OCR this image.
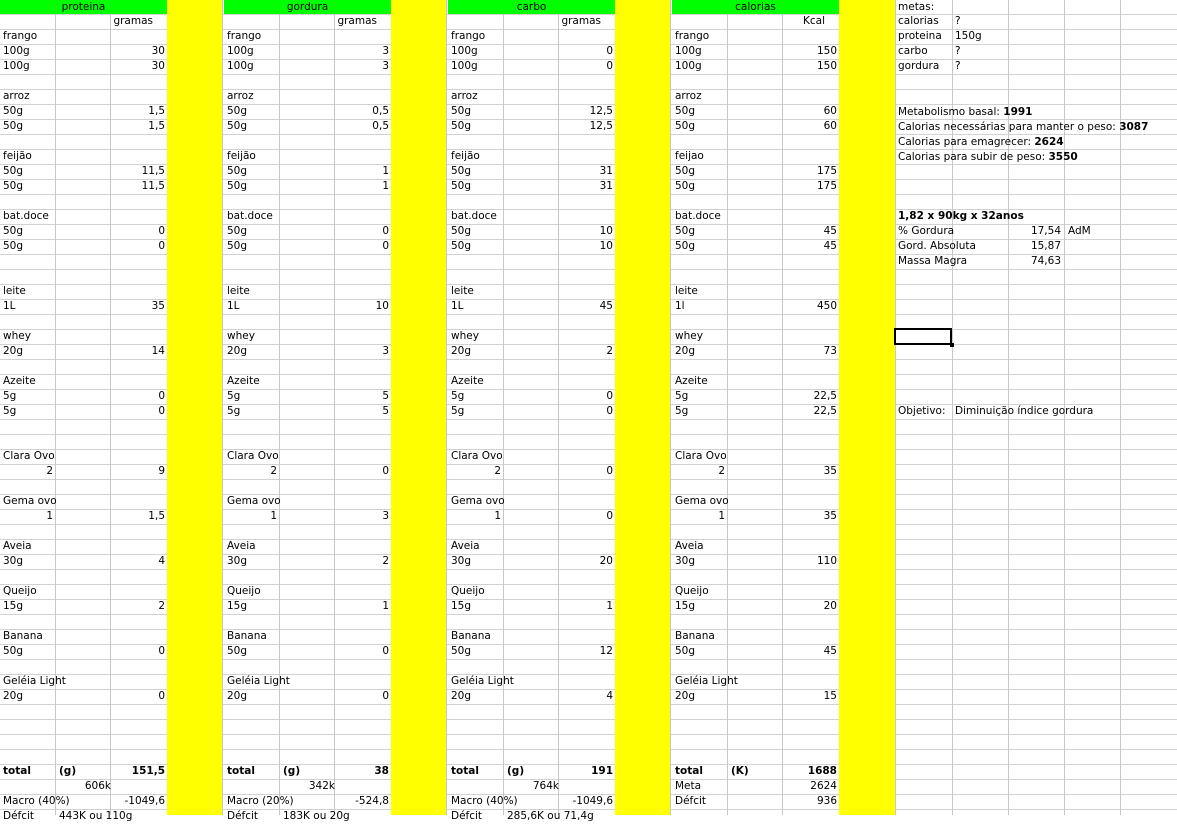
proteina
gramas
frango
100g	30
100g	30
arroz
50g	1,5
50g	1,5
feijão
50g	11,5
50g	11,5
bat.doce
50g	0
50g	0
leite
1L	35
whey
20g	14
Azeite
5g	0
5g	0
Clara Ovo
2	9
Gema ovo
1	1,5
Aveia
30g	4
Queijo
15g	2
Banana
50g	0
Geléia Light
20g	0
total	(g)	151,5
606k
Macro (40%)	-1049,6
Défcit	443K ou 110g
gordura
gramas
frango
100g	3
100g	3
arroz
50g	0,5
50g	0,5
feijão
50g	1
50g	1
bat.doce
50g	0
50g	0
leite
1L	10
whey
20g	3
Azeite
5g	5
5g	5
Clara Ovo
2	0
Gema ovo
1	3
Aveia
30g	2
Queijo
15g	1
Banana
50g	0
Geléia Light
20g	0
total	(g)	38
342k
Macro (20%)	-524,8
Défcit	183K ou 20g
carbo
gramas
frango
100g	0
100g	0
arroz
50g	12,5
50g	12,5
feijão
50g	31
50g	31
bat.doce
50g	10
50g	10
leite
1L	45
whey
20g	2
Azeite
5g	0
5g	0
Clara Ovo
2	0
Gema ovo
1	0
Aveia
30g	20
Queijo
15g	1
Banana
50g	12
Geléia Light
20g	4
total	(g)	191
764k
Macro (40%)	-1049,6
Défcit	285,6K ou 71,4g
calorias
Kcal
frango
100g	150
100g	150
arroz
50g	60
50g	60
feijao
50g	175
50g	175
bat.doce
50g	45
50g	45
leite
1l	450
whey
20g	73
Azeite
5g	22,5
5g	22,5
Clara Ovo
2	35
Gema ovo
1	35
Aveia
30g	110
Queijo
15g	20
Banana
50g	45
Geléia Light
20g	15
total	(K)	1688
Meta	2624
Défcit	936
metas:
calorias	?
proteina	150g
carbo	?
gordura	?
Metabolismo basal: 1991
Calorias necessárias para manter o peso: 3087
Calorias para emagrecer: 2624
Calorias para subir de peso: 3550
1,82 x 90kg x 32anos
% Gordura	17,54 AdM
Gord. Absoluta	15,87
Massa Magra	74,63
Objetivo: Diminuição índice gordura
